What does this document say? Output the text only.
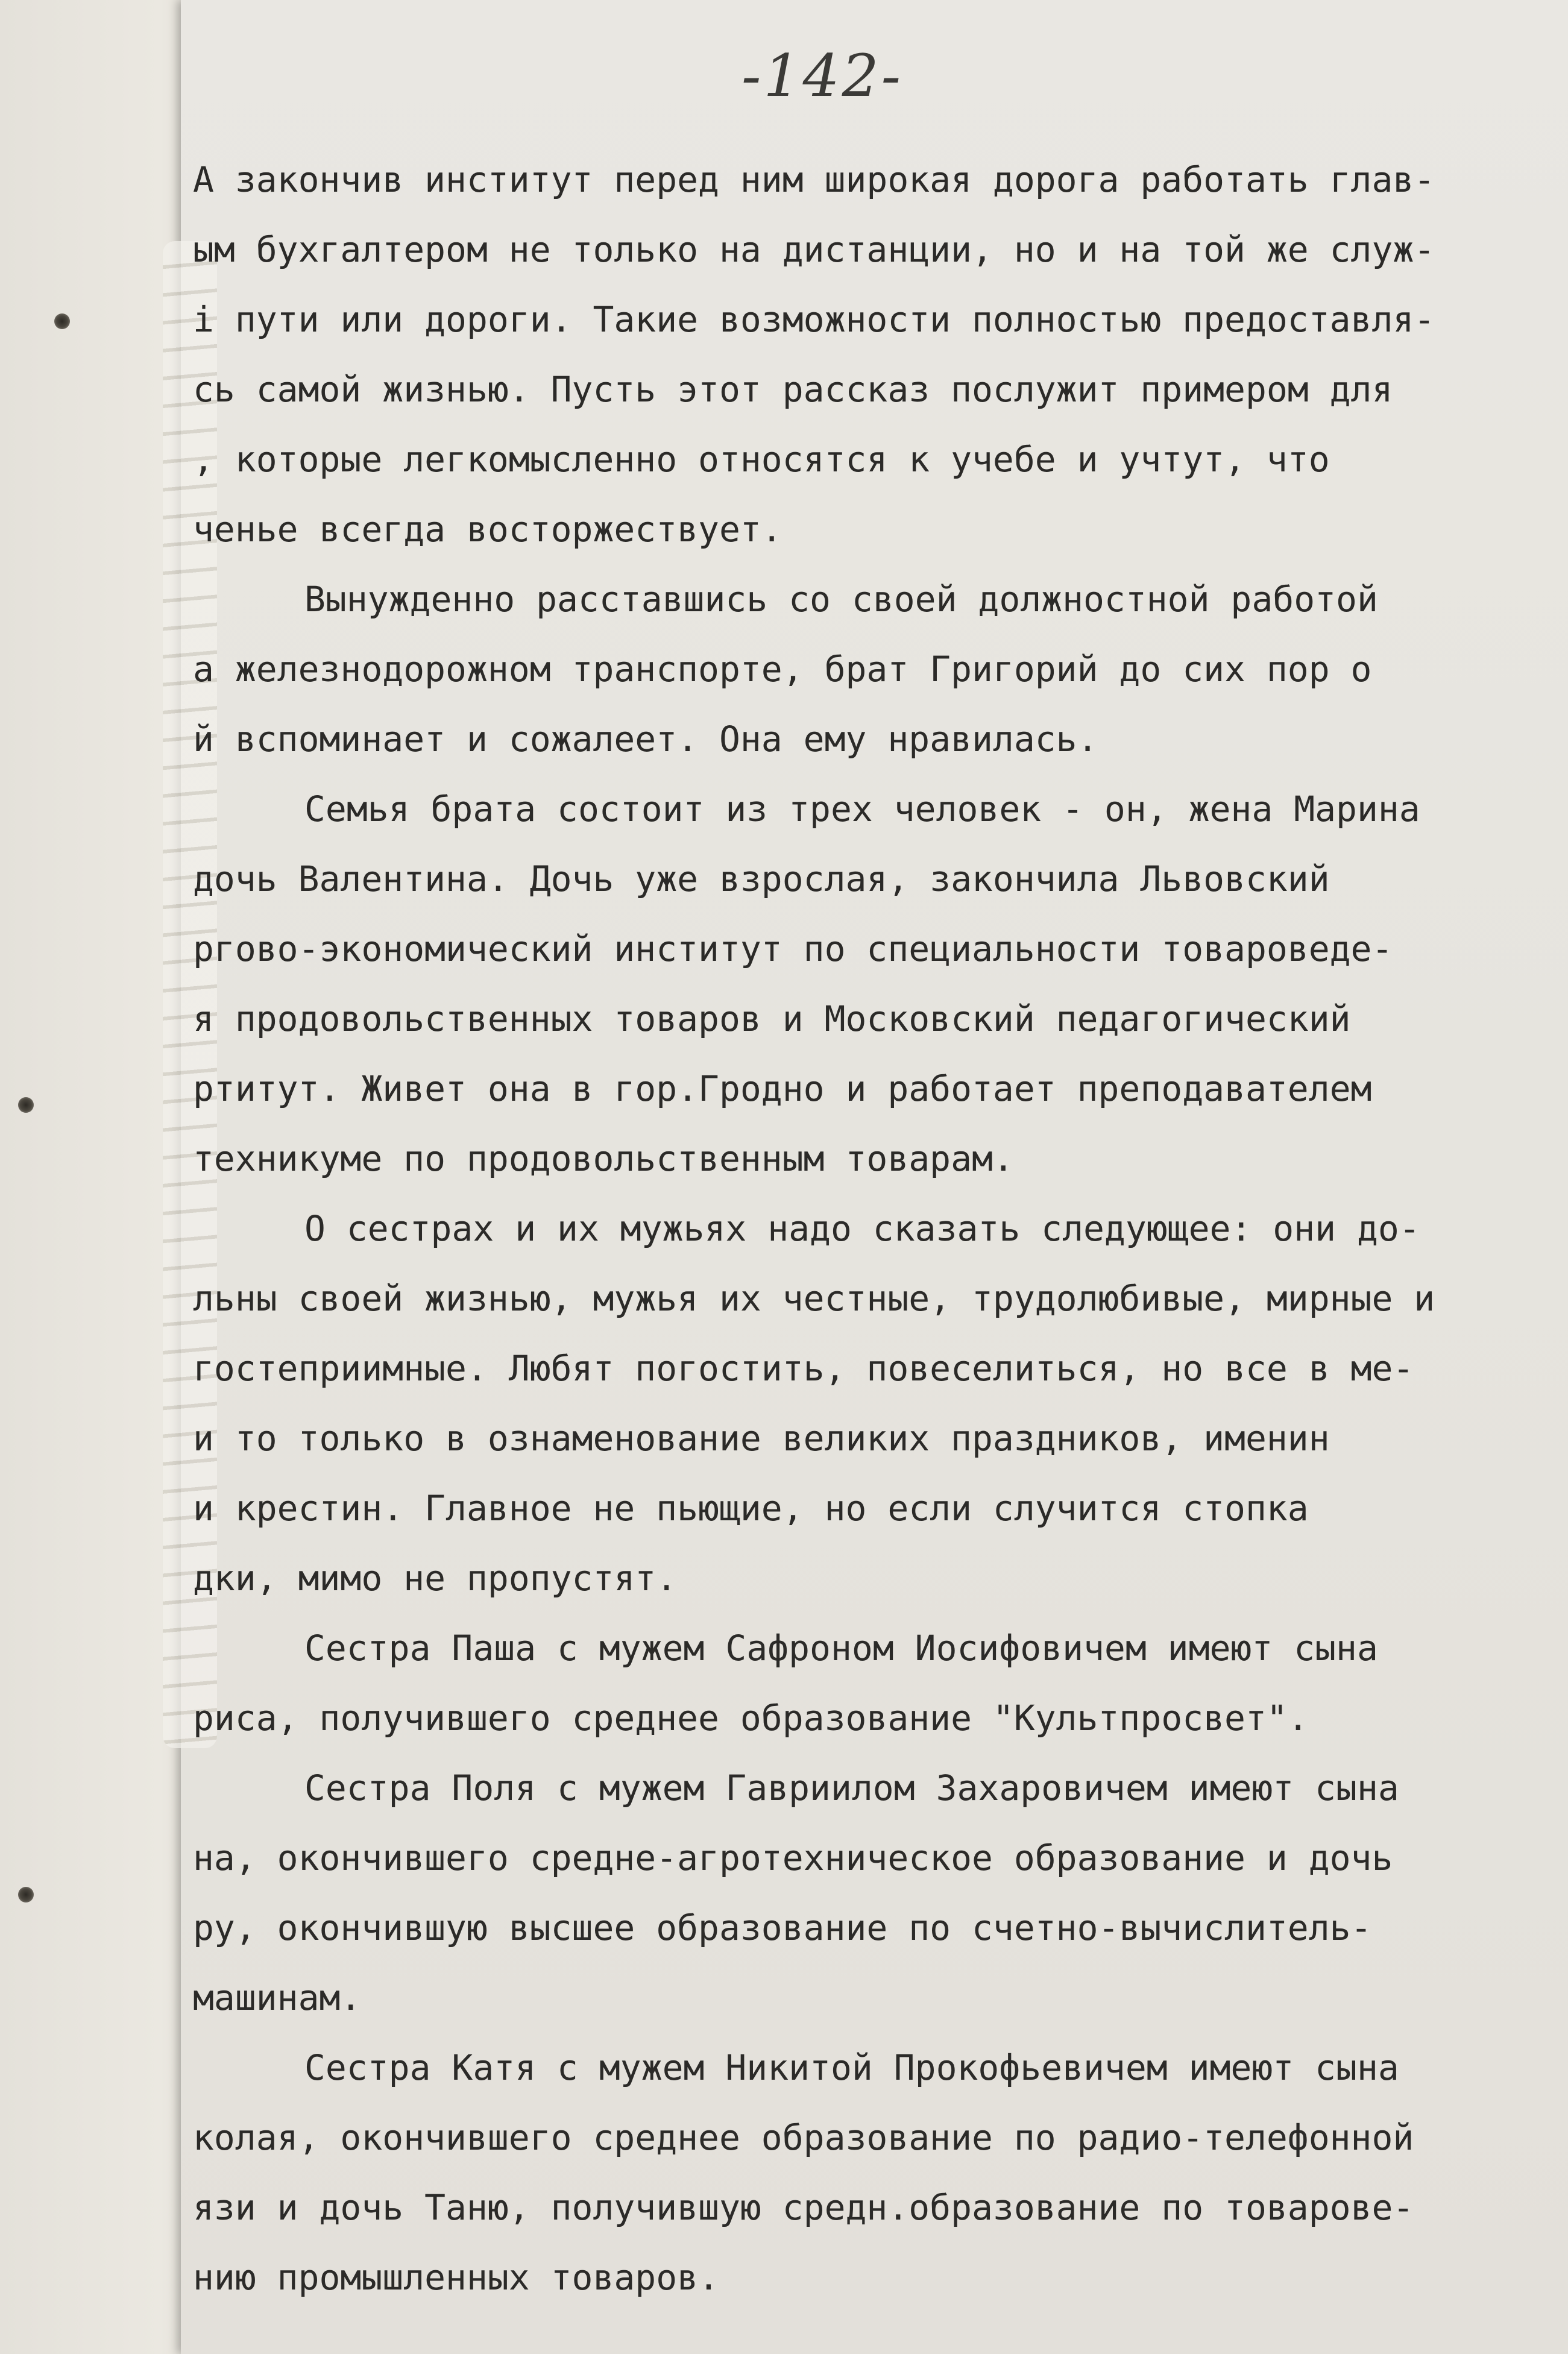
-142-
А закончив институт перед ним широкая дорога работать глав-
ым бухгалтером не только на дистанции, но и на той же служ-
і пути или дороги. Такие возможности полностью предоставля-
сь самой жизнью. Пусть этот рассказ послужит примером для
, которые легкомысленно относятся к учебе и учтут, что
ченье всегда восторжествует.
Вынужденно расставшись со своей должностной работой
а железнодорожном транспорте, брат Григорий до сих пор о
й вспоминает и сожалеет. Она ему нравилась.
Семья брата состоит из трех человек - он, жена Марина
дочь Валентина. Дочь уже взрослая, закончила Львовский
ргово-экономический институт по специальности товароведе-
я продовольственных товаров и Московский педагогический
ртитут. Живет она в гор.Гродно и работает преподавателем
техникуме по продовольственным товарам.
О сестрах и их мужьях надо сказать следующее: они до-
льны своей жизнью, мужья их честные, трудолюбивые, мирные и
гостеприимные. Любят погостить, повеселиться, но все в ме-
и то только в ознаменование великих праздников, именин
и крестин. Главное не пьющие, но если случится стопка
дки, мимо не пропустят.
Сестра Паша с мужем Сафроном Иосифовичем имеют сына
риса, получившего среднее образование "Культпросвет".
Сестра Поля с мужем Гавриилом Захаровичем имеют сына
на, окончившего средне-агротехническое образование и дочь
ру, окончившую высшее образование по счетно-вычислитель-
машинам.
Сестра Катя с мужем Никитой Прокофьевичем имеют сына
колая, окончившего среднее образование по радио-телефонной
язи и дочь Таню, получившую средн.образование по товарове-
нию промышленных товаров.
